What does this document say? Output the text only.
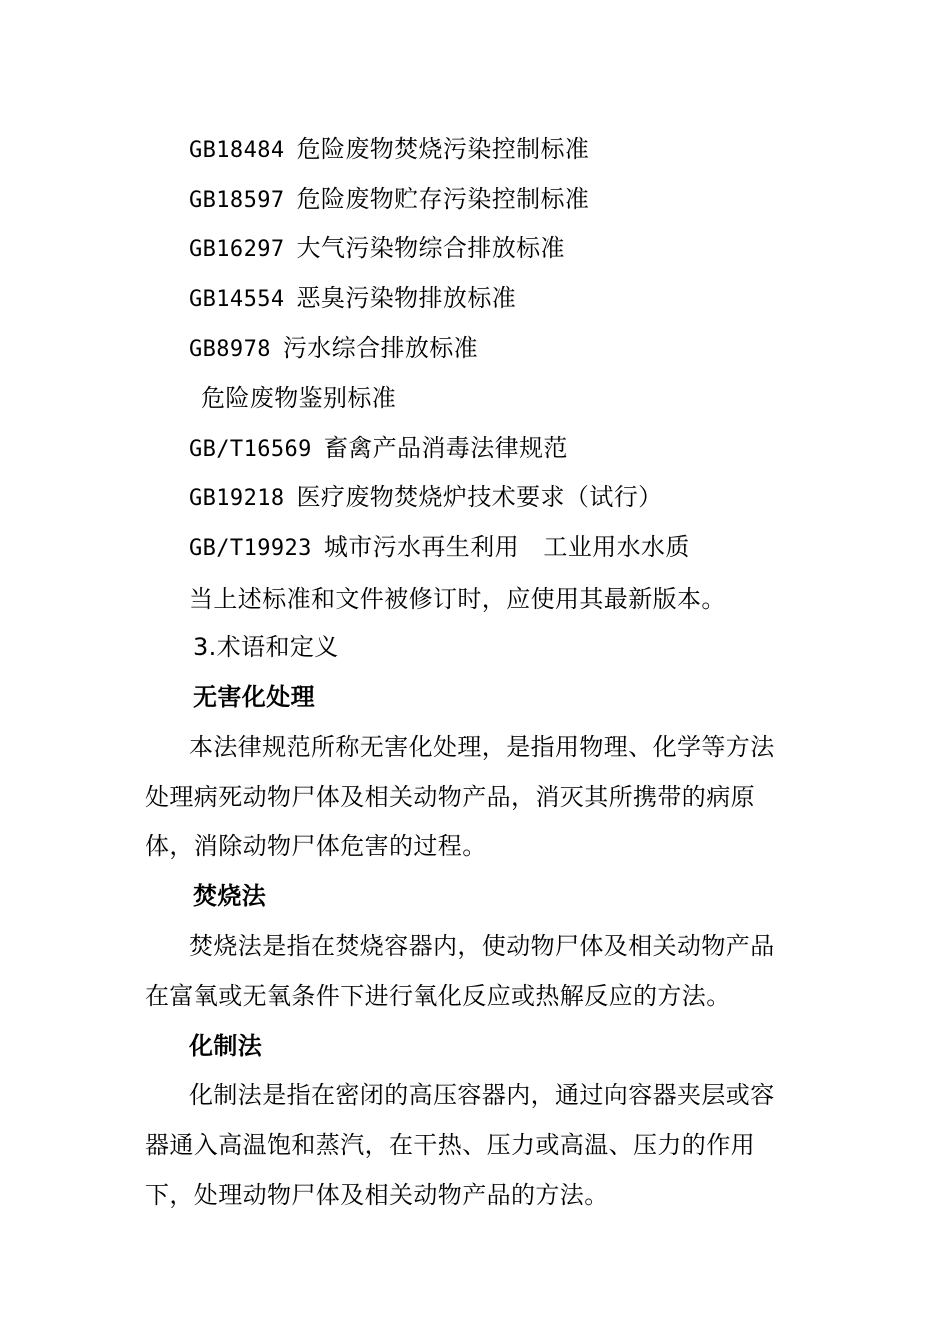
GB18484 危险废物焚烧污染控制标准
GB18597 危险废物贮存污染控制标准
GB16297 大气污染物综合排放标准
GB14554 恶臭污染物排放标准
GB8978 污水综合排放标准
危险废物鉴别标准
GB/T16569 畜禽产品消毒法律规范
GB19218 医疗废物焚烧炉技术要求（试行）
GB/T19923 城市污水再生利用　工业用水水质
当上述标准和文件被修订时，应使用其最新版本。
3.术语和定义
无害化处理
本法律规范所称无害化处理，是指用物理、化学等方法
处理病死动物尸体及相关动物产品，消灭其所携带的病原
体，消除动物尸体危害的过程。
焚烧法
焚烧法是指在焚烧容器内，使动物尸体及相关动物产品
在富氧或无氧条件下进行氧化反应或热解反应的方法。
化制法
化制法是指在密闭的高压容器内，通过向容器夹层或容
器通入高温饱和蒸汽，在干热、压力或高温、压力的作用
下，处理动物尸体及相关动物产品的方法。
